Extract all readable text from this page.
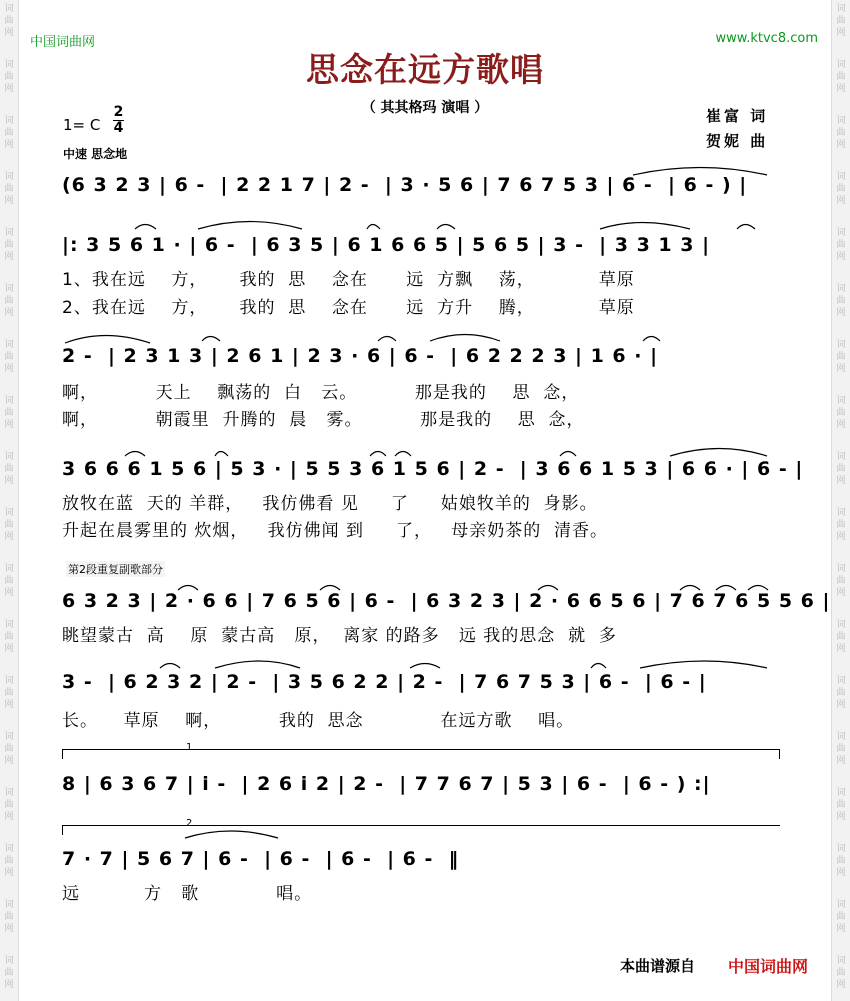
词
曲
网
词
曲
网
词
曲
网
词
曲
网
词
曲
网
词
曲
网
词
曲
网
词
曲
网
词
曲
网
词
曲
网
词
曲
网
词
曲
网
词
曲
网
词
曲
网
词
曲
网
词
曲
网
词
曲
网
词
曲
网
词
曲
网
词
曲
网
词
曲
网
词
曲
网
词
曲
网
词
曲
网
词
曲
网
词
曲
网
词
曲
网
词
曲
网
词
曲
网
词
曲
网
词
曲
网
词
曲
网
词
曲
网
词
曲
网
词
曲
网
词
曲
网
中国词曲网	www.ktvc8.com
思念在远方歌唱
（ 其其格玛 演唱 ）	崔富 词
贺妮 曲
1= C
2
4
中速 思念地
(6 3 2 3 | 6 -  | 2 2 1 7 | 2 -  | 3 · 5 6 | 7 6 7 5 3 | 6 -  | 6 - ) |
|: 3 5 6 1 · | 6 -  | 6 3 5 | 6 1 6 6 5 | 5 6 5 | 3 -  | 3 3 1 3 |
1、我在远    方，     我的  思    念在      远  方飘    荡，          草原
2、我在远    方，     我的  思    念在      远  方升    腾，          草原
2 -  | 2 3 1 3 | 2 6 1 | 2 3 · 6 | 6 -  | 6 2 2 2 3 | 1 6 · |
啊，         天上    飘荡的  白   云。         那是我的    思  念，
啊，         朝霞里  升腾的  晨   雾。         那是我的    思  念，
3 6 6 6 1 5 6 | 5 3 · | 5 5 3 6 1 5 6 | 2 -  | 3 6 6 1 5 3 | 6 6 · | 6 - |
放牧在蓝  天的 羊群，   我仿佛看 见     了     姑娘牧羊的  身影。
升起在晨雾里的 炊烟，   我仿佛闻 到     了，   母亲奶茶的  清香。
第2段重复副歌部分
6 3 2 3 | 2 · 6 6 | 7 6 5 6 | 6 -  | 6 3 2 3 | 2 · 6 6 5 6 | 7 6 7 6 5 5 6 |
眺望蒙古  高    原  蒙古高   原，  离家 的路多   远 我的思念  就  多
3 -  | 6 2 3 2 | 2 -  | 3 5 6 2 2 | 2 -  | 7 6 7 5 3 | 6 -  | 6 - |
长。    草原    啊，         我的  思念            在远方歌    唱。
1
8 | 6 3 6 7 | i -  | 2 6 i 2 | 2 -  | 7 7 6 7 | 5 3 | 6 -  | 6 - ) :|
2
7 · 7 | 5 6 7 | 6 -  | 6 -  | 6 -  | 6 -  ‖
远          方   歌            唱。
本曲谱源自 中国词曲网
